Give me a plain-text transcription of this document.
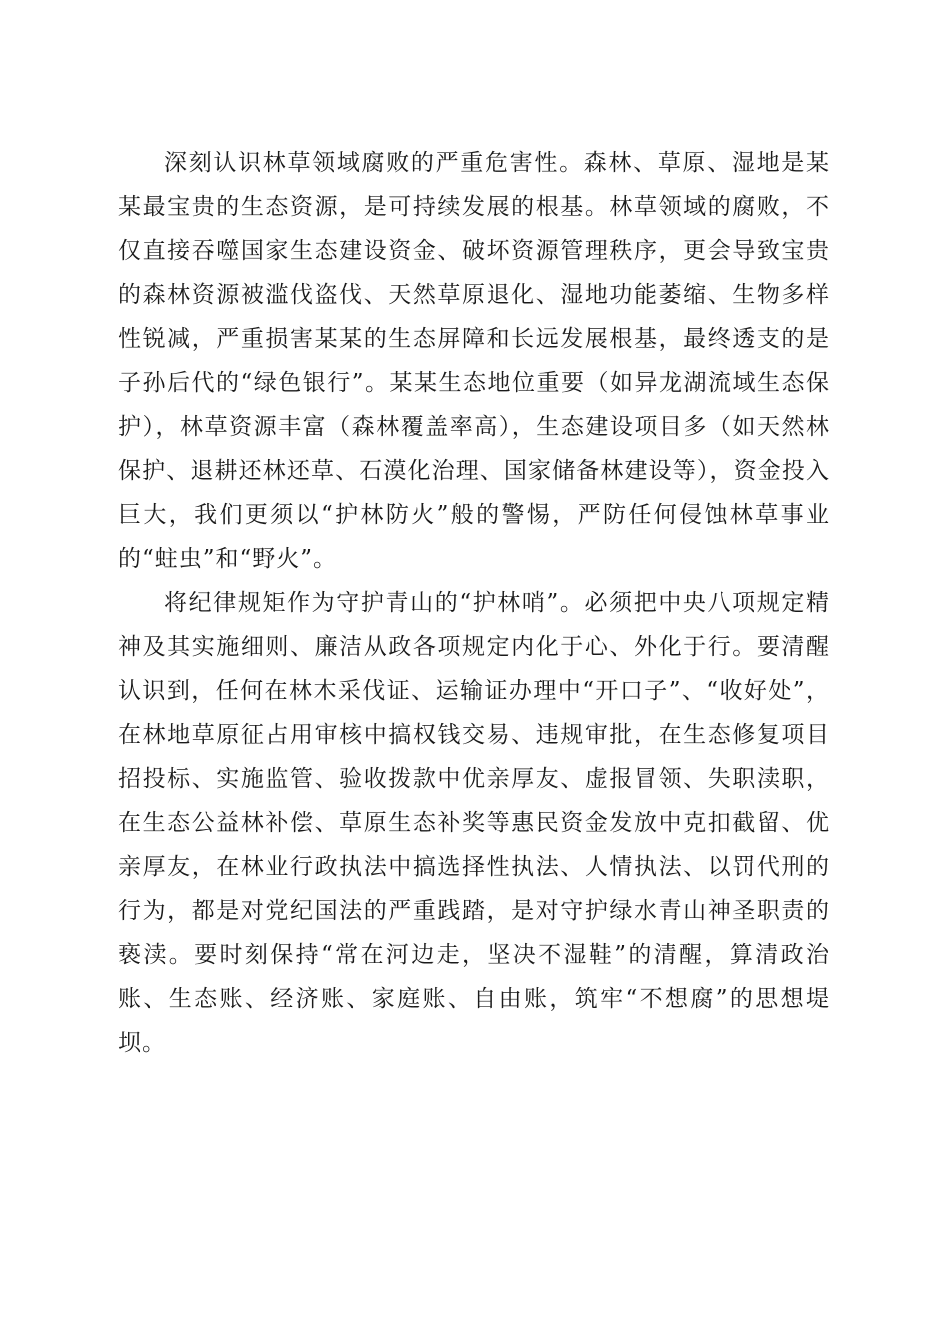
深刻认识林草领域腐败的严重危害性。森林、草原、湿地是某某最宝贵的生态资源，是可持续发展的根基。林草领域的腐败，不仅直接吞噬国家生态建设资金、破坏资源管理秩序，更会导致宝贵的森林资源被滥伐盗伐、天然草原退化、湿地功能萎缩、生物多样性锐减，严重损害某某的生态屏障和长远发展根基，最终透支的是子孙后代的“绿色银行”。某某生态地位重要（如异龙湖流域生态保护），林草资源丰富（森林覆盖率高），生态建设项目多（如天然林保护、退耕还林还草、石漠化治理、国家储备林建设等），资金投入巨大，我们更须以“护林防火”般的警惕，严防任何侵蚀林草事业的“蛀虫”和“野火”。

将纪律规矩作为守护青山的“护林哨”。必须把中央八项规定精神及其实施细则、廉洁从政各项规定内化于心、外化于行。要清醒认识到，任何在林木采伐证、运输证办理中“开口子”、“收好处”，在林地草原征占用审核中搞权钱交易、违规审批，在生态修复项目招投标、实施监管、验收拨款中优亲厚友、虚报冒领、失职渎职，在生态公益林补偿、草原生态补奖等惠民资金发放中克扣截留、优亲厚友，在林业行政执法中搞选择性执法、人情执法、以罚代刑的行为，都是对党纪国法的严重践踏，是对守护绿水青山神圣职责的亵渎。要时刻保持“常在河边走，坚决不湿鞋”的清醒，算清政治账、生态账、经济账、家庭账、自由账，筑牢“不想腐”的思想堤坝。
